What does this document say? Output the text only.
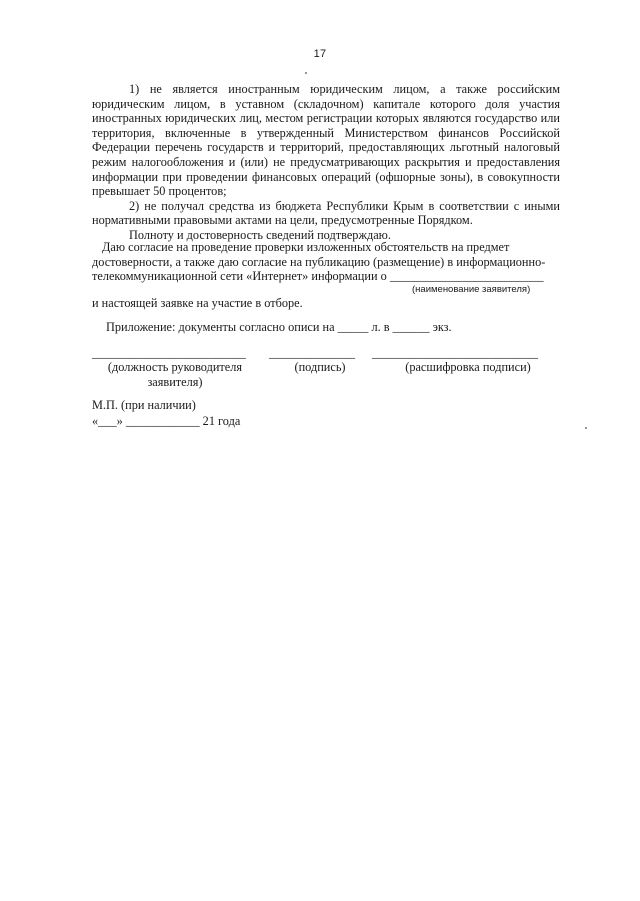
17

1) не является иностранным юридическим лицом, а также российским юридическим лицом, в уставном (складочном) капитале которого доля участия иностранных юридических лиц, местом регистрации которых являются государство или территория, включенные в утвержденный Министерством финансов Российской Федерации перечень государств и территорий, предоставляющих льготный налоговый режим налогообложения и (или) не предусматривающих раскрытия и предоставления информации при проведении финансовых операций (офшорные зоны), в совокупности превышает 50 процентов;

2) не получал средства из бюджета Республики Крым в соответствии с иными нормативными правовыми актами на цели, предусмотренные Порядком.

Полноту и достоверность сведений подтверждаю.

Даю согласие на проведение проверки изложенных обстоятельств на предмет

достоверности, а также даю согласие на публикацию (размещение) в информационно-

телекоммуникационной сети «Интернет» информации о _________________________

(наименование заявителя)
и настоящей заявке на участие в отборе.
Приложение: документы согласно описи на _____ л. в ______ экз.
_________________________ ______________ ___________________________
(должность руководителя заявителя)
(подпись)	(расшифровка подписи)
М.П. (при наличии)
«___» ____________ 21 года
